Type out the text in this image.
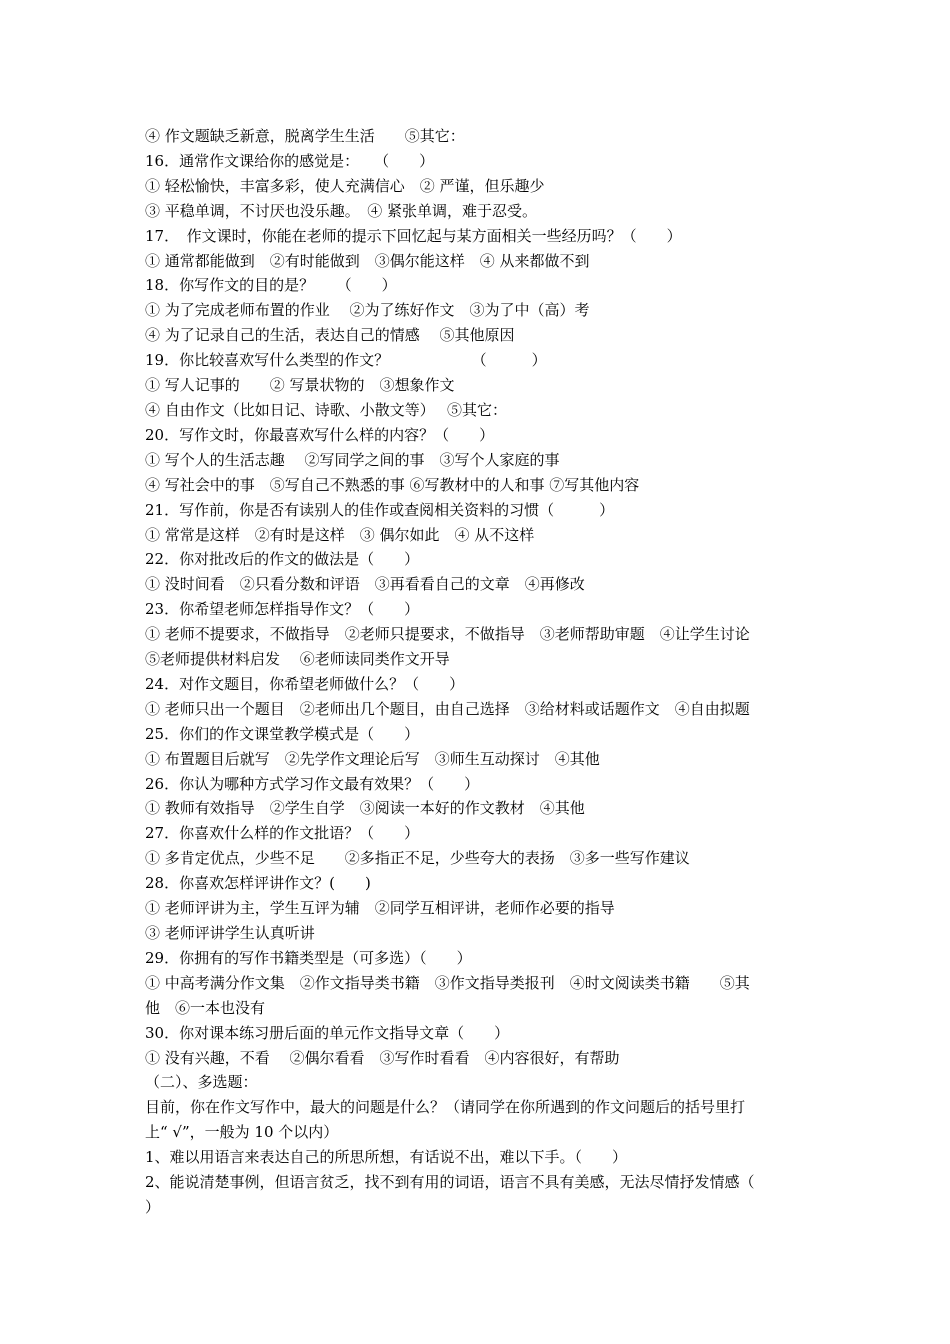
④ 作文题缺乏新意，脱离学生生活　　⑤其它：
16．通常作文课给你的感觉是：　　（　　）
① 轻松愉快，丰富多彩，使人充满信心　② 严谨，但乐趣少
③ 平稳单调，不讨厌也没乐趣。　④ 紧张单调，难于忍受。
17．　作文课时，你能在老师的提示下回忆起与某方面相关一些经历吗？（　　）
① 通常都能做到　②有时能做到　③偶尔能这样　④ 从来都做不到
18．你写作文的目的是？　　（　　）
① 为了完成老师布置的作业　 ②为了练好作文　③为了中（高）考
④ 为了记录自己的生活，表达自己的情感　 ⑤其他原因
19．你比较喜欢写什么类型的作文？　　　　　　（　　　）
① 写人记事的　　② 写景状物的　③想象作文
④ 自由作文（比如日记、诗歌、小散文等）　 ⑤其它：
20．写作文时，你最喜欢写什么样的内容？（　　）
① 写个人的生活志趣　 ②写同学之间的事　③写个人家庭的事
④ 写社会中的事　⑤写自己不熟悉的事 ⑥写教材中的人和事 ⑦写其他内容
21．写作前，你是否有读别人的佳作或查阅相关资料的习惯（　　　）
① 常常是这样　②有时是这样　③ 偶尔如此　④ 从不这样
22．你对批改后的作文的做法是（　　）
① 没时间看　②只看分数和评语　③再看看自己的文章　④再修改
23．你希望老师怎样指导作文？（　　）
① 老师不提要求，不做指导　②老师只提要求，不做指导　③老师帮助审题　④让学生讨论
⑤老师提供材料启发　 ⑥老师读同类作文开导
24．对作文题目，你希望老师做什么？（　　）
① 老师只出一个题目　②老师出几个题目，由自己选择　③给材料或话题作文　④自由拟题
25．你们的作文课堂教学模式是（　　）
① 布置题目后就写　②先学作文理论后写　③师生互动探讨　④其他
26．你认为哪种方式学习作文最有效果？（　　）
① 教师有效指导　②学生自学　③阅读一本好的作文教材　④其他
27．你喜欢什么样的作文批语？（　　）
① 多肯定优点，少些不足　　②多指正不足，少些夸大的表扬　③多一些写作建议
28．你喜欢怎样评讲作文？(　　)
① 老师评讲为主，学生互评为辅　②同学互相评讲，老师作必要的指导
③ 老师评讲学生认真听讲
29．你拥有的写作书籍类型是（可多选）（　　）
① 中高考满分作文集　②作文指导类书籍　③作文指导类报刊　④时文阅读类书籍　　⑤其
他　⑥一本也没有
30．你对课本练习册后面的单元作文指导文章（　　）
① 没有兴趣，不看　 ②偶尔看看　③写作时看看　④内容很好，有帮助
（二）、多选题：
目前，你在作文写作中，最大的问题是什么？（请同学在你所遇到的作文问题后的括号里打
上“ √”，一般为 10 个以内）
1、难以用语言来表达自己的所思所想，有话说不出，难以下手。（　　）
2、能说清楚事例，但语言贫乏，找不到有用的词语，语言不具有美感，无法尽情抒发情感（
）
